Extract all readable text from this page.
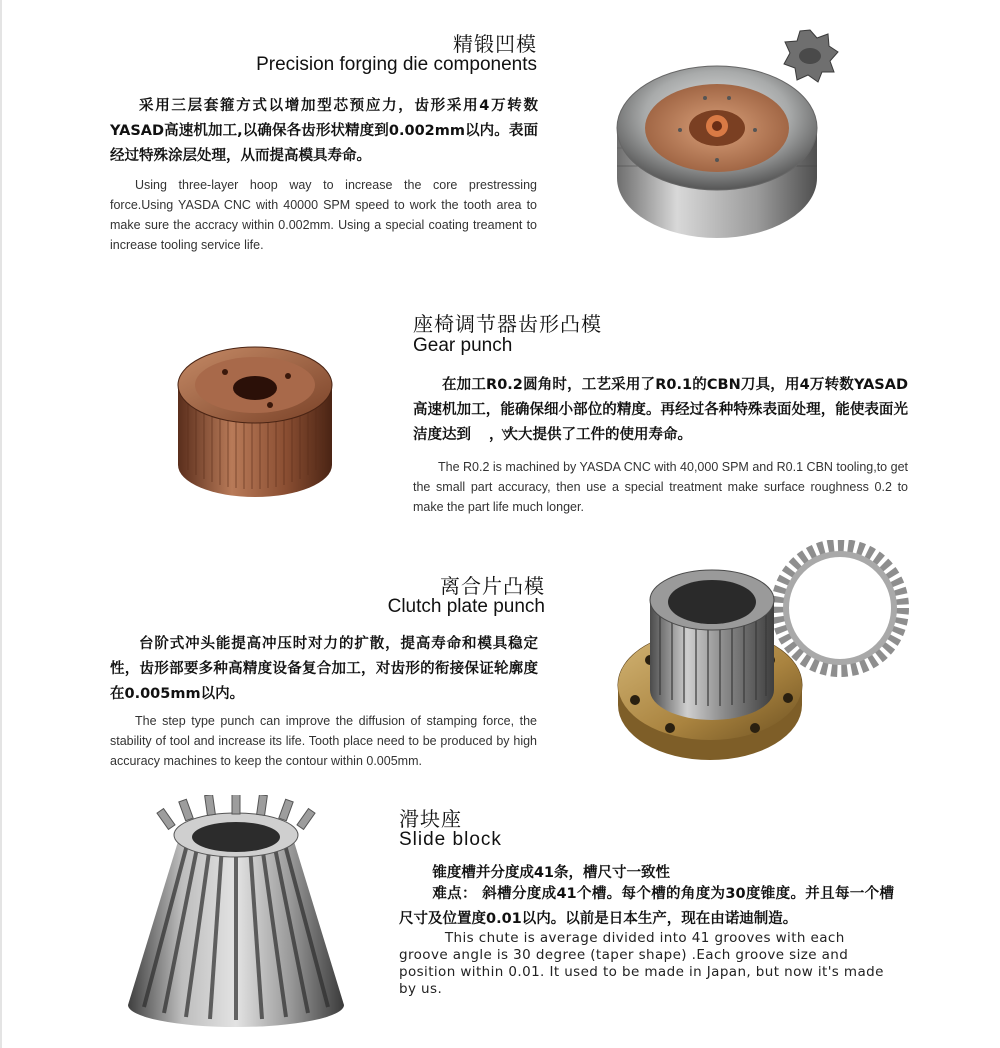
精锻凹模
Precision forging die components
采用三层套箍方式以增加型芯预应力，齿形采用4万转数YASAD高速机加工,以确保各齿形状精度到0.002mm以内。表面经过特殊涂层处理，从而提高模具寿命。
Using three-layer hoop way to increase the core prestressing force.Using YASDA CNC with 40000 SPM speed to work the tooth area to make sure the accracy within 0.002mm. Using a special coating treament to increase tooling service life.
座椅调节器齿形凸模
Gear punch
在加工R0.2圆角时，工艺采用了R0.1的CBN刀具，用4万转数YASAD高速机加工，能确保细小部位的精度。再经过各种特殊表面处理，能使表面光洁度达到 ，大大提供了工件的使用寿命。
The R0.2 is machined by YASDA CNC with 40,000 SPM and R0.1 CBN tooling,to get the small part accuracy, then use a special treatment make surface roughness 0.2 to make the part life much longer.
离合片凸模
Clutch plate punch
台阶式冲头能提高冲压时对力的扩散，提高寿命和模具稳定性，齿形部要多种高精度设备复合加工，对齿形的衔接保证轮廓度在0.005mm以内。
The step type punch can improve the diffusion of stamping force, the stability of tool and increase its life. Tooth place need to be produced by high accuracy machines to keep the contour within 0.005mm.
滑块座
Slide block
锥度槽并分度成41条，槽尺寸一致性
难点： 斜槽分度成41个槽。每个槽的角度为30度锥度。并且每一个槽尺寸及位置度0.01以内。以前是日本生产，现在由诺迪制造。
This chute is average divided into 41 grooves with each groove angle is 30 degree (taper shape) .Each groove size and position within 0.01. It used to be made in Japan, but now it's made by us.
